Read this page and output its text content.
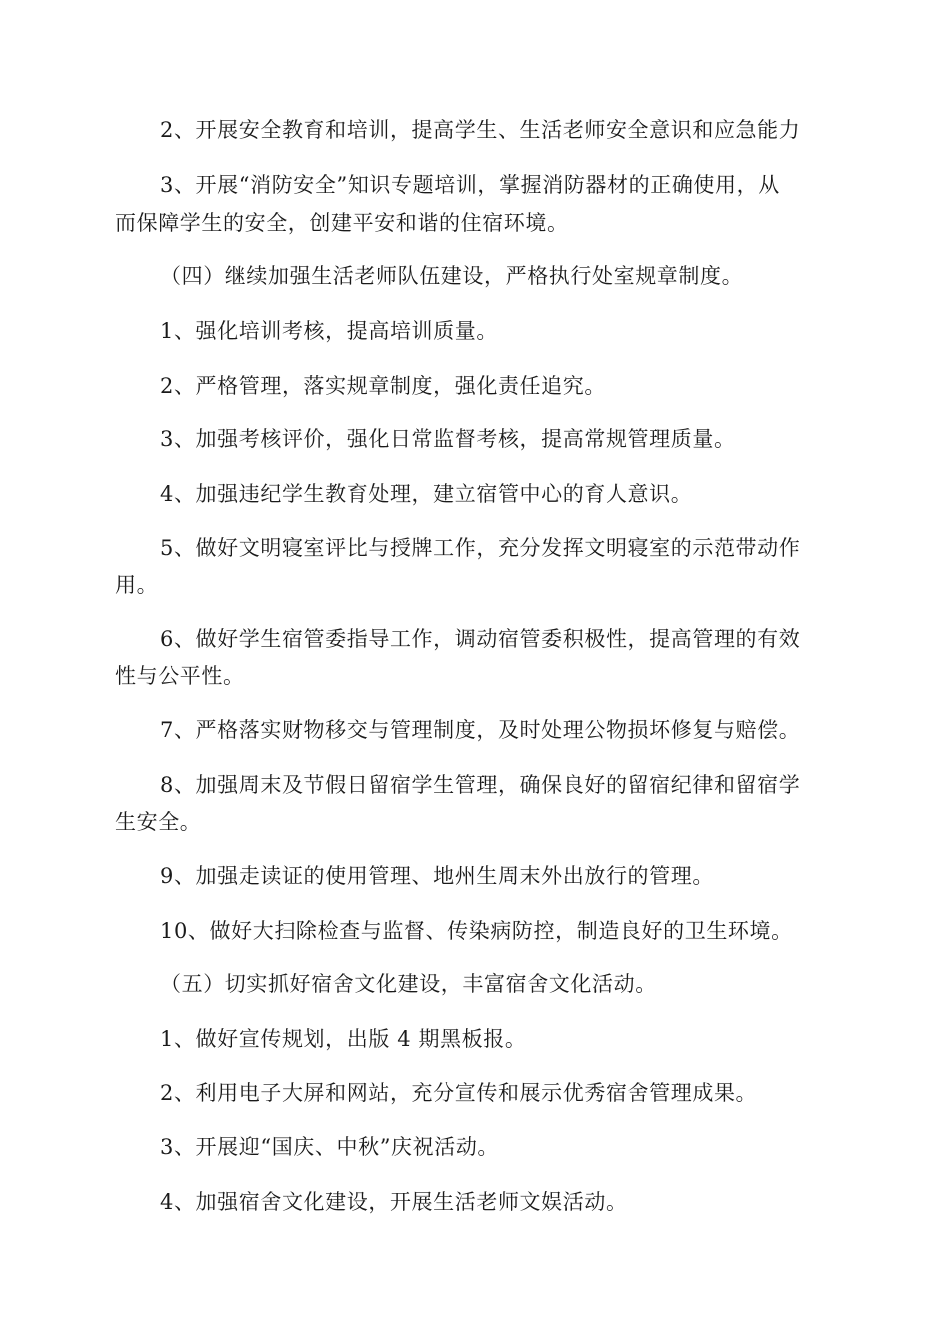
2、开展安全教育和培训，提高学生、生活老师安全意识和应急能力
3、开展“消防安全”知识专题培训，掌握消防器材的正确使用，从
而保障学生的安全，创建平安和谐的住宿环境。
（四）继续加强生活老师队伍建设，严格执行处室规章制度。
1、强化培训考核，提高培训质量。
2、严格管理，落实规章制度，强化责任追究。
3、加强考核评价，强化日常监督考核，提高常规管理质量。
4、加强违纪学生教育处理，建立宿管中心的育人意识。
5、做好文明寝室评比与授牌工作，充分发挥文明寝室的示范带动作
用。
6、做好学生宿管委指导工作，调动宿管委积极性，提高管理的有效
性与公平性。
7、严格落实财物移交与管理制度，及时处理公物损坏修复与赔偿。
8、加强周末及节假日留宿学生管理，确保良好的留宿纪律和留宿学
生安全。
9、加强走读证的使用管理、地州生周末外出放行的管理。
10、做好大扫除检查与监督、传染病防控，制造良好的卫生环境。
（五）切实抓好宿舍文化建设，丰富宿舍文化活动。
1、做好宣传规划，出版 4 期黑板报。
2、利用电子大屏和网站，充分宣传和展示优秀宿舍管理成果。
3、开展迎“国庆、中秋”庆祝活动。
4、加强宿舍文化建设，开展生活老师文娱活动。
